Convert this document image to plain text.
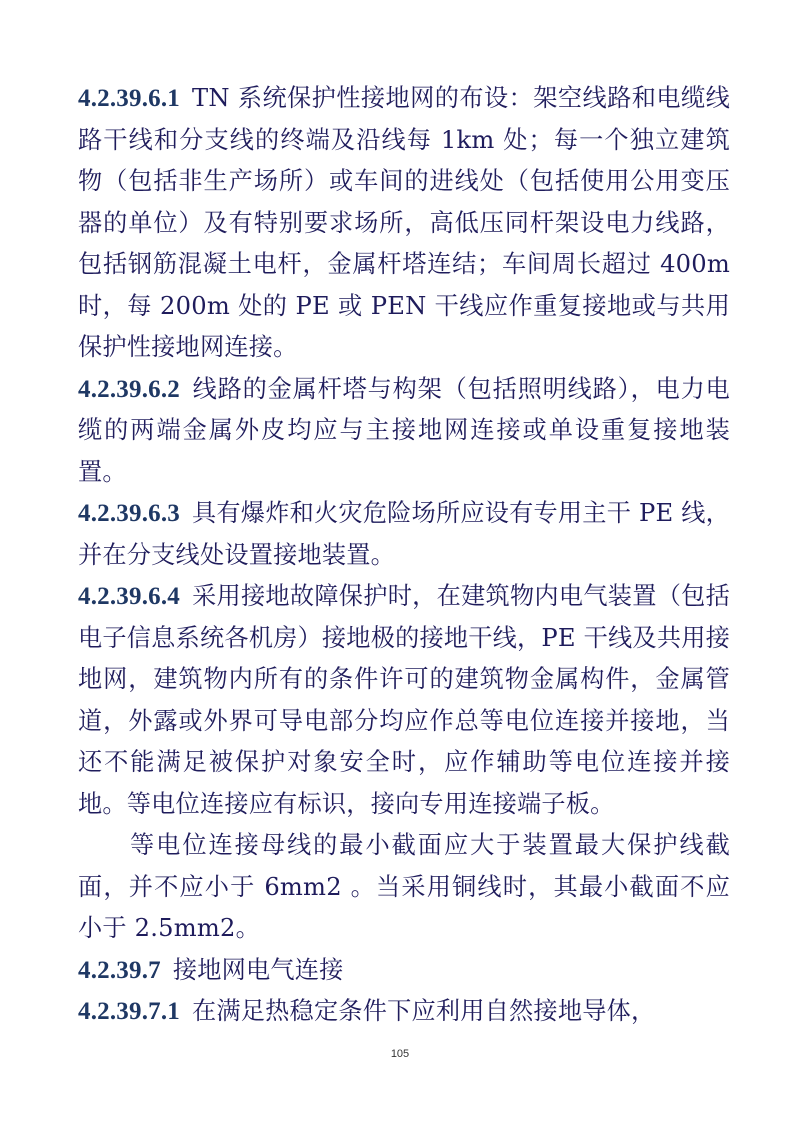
4.2.39.6.1 TN 系统保护性接地网的布设：架空线路和电缆线路干线和分支线的终端及沿线每 1km 处；每一个独立建筑物（包括非生产场所）或车间的进线处（包括使用公用变压器的单位）及有特别要求场所，高低压同杆架设电力线路，包括钢筋混凝土电杆，金属杆塔连结；车间周长超过 400m 时，每 200m 处的 PE 或 PEN 干线应作重复接地或与共用保护性接地网连接。

4.2.39.6.2 线路的金属杆塔与构架（包括照明线路），电力电缆的两端金属外皮均应与主接地网连接或单设重复接地装置。

4.2.39.6.3 具有爆炸和火灾危险场所应设有专用主干 PE 线，并在分支线处设置接地装置。

4.2.39.6.4 采用接地故障保护时，在建筑物内电气装置（包括电子信息系统各机房）接地极的接地干线，PE 干线及共用接地网，建筑物内所有的条件许可的建筑物金属构件，金属管道，外露或外界可导电部分均应作总等电位连接并接地，当还不能满足被保护对象安全时，应作辅助等电位连接并接地。等电位连接应有标识，接向专用连接端子板。

等电位连接母线的最小截面应大于装置最大保护线截面，并不应小于 6mm2 。当采用铜线时，其最小截面不应小于 2.5mm2。

4.2.39.7 接地网电气连接

4.2.39.7.1 在满足热稳定条件下应利用自然接地导体，

105
